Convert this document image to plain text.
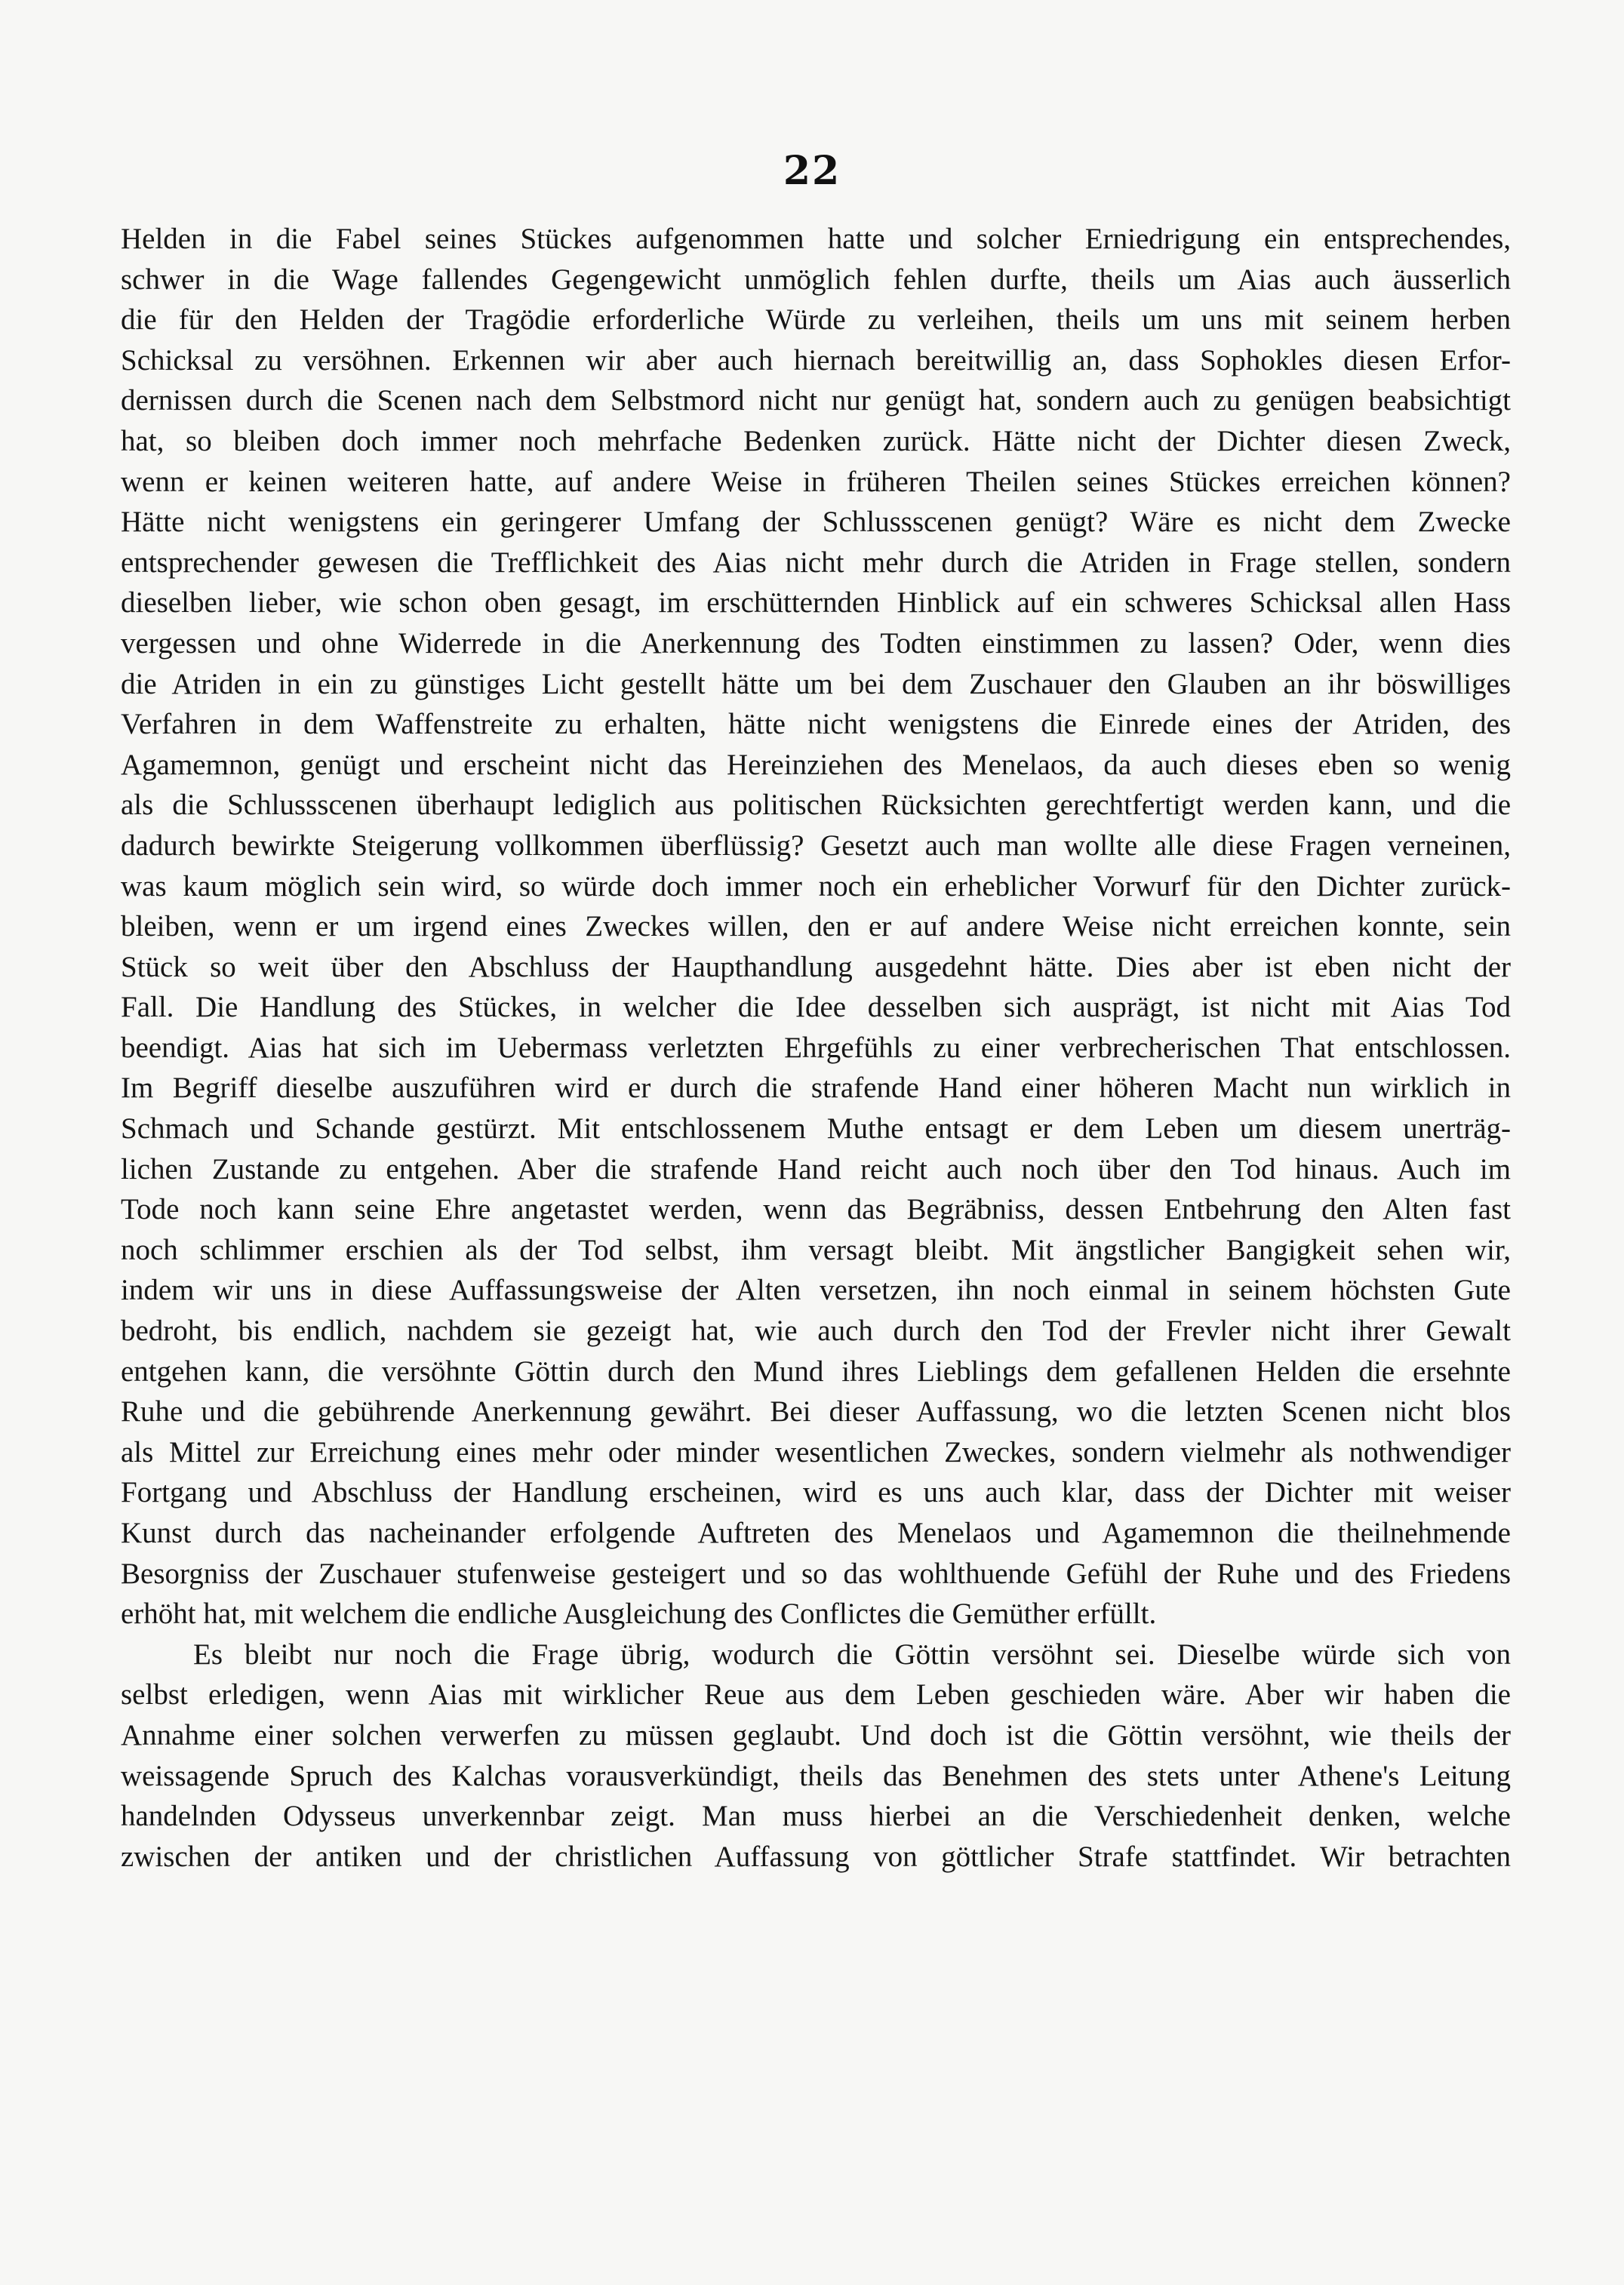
22
Helden in die Fabel seines Stückes aufgenommen hatte und solcher Erniedrigung ein entsprechendes,
schwer in die Wage fallendes Gegengewicht unmöglich fehlen durfte, theils um Aias auch äusserlich
die für den Helden der Tragödie erforderliche Würde zu verleihen, theils um uns mit seinem herben
Schicksal zu versöhnen. Erkennen wir aber auch hiernach bereitwillig an, dass Sophokles diesen Erfor-
dernissen durch die Scenen nach dem Selbstmord nicht nur genügt hat, sondern auch zu genügen beabsichtigt
hat, so bleiben doch immer noch mehrfache Bedenken zurück. Hätte nicht der Dichter diesen Zweck,
wenn er keinen weiteren hatte, auf andere Weise in früheren Theilen seines Stückes erreichen können?
Hätte nicht wenigstens ein geringerer Umfang der Schlussscenen genügt? Wäre es nicht dem Zwecke
entsprechender gewesen die Trefflichkeit des Aias nicht mehr durch die Atriden in Frage stellen, sondern
dieselben lieber, wie schon oben gesagt, im erschütternden Hinblick auf ein schweres Schicksal allen Hass
vergessen und ohne Widerrede in die Anerkennung des Todten einstimmen zu lassen? Oder, wenn dies
die Atriden in ein zu günstiges Licht gestellt hätte um bei dem Zuschauer den Glauben an ihr böswilliges
Verfahren in dem Waffenstreite zu erhalten, hätte nicht wenigstens die Einrede eines der Atriden, des
Agamemnon, genügt und erscheint nicht das Hereinziehen des Menelaos, da auch dieses eben so wenig
als die Schlussscenen überhaupt lediglich aus politischen Rücksichten gerechtfertigt werden kann, und die
dadurch bewirkte Steigerung vollkommen überflüssig? Gesetzt auch man wollte alle diese Fragen verneinen,
was kaum möglich sein wird, so würde doch immer noch ein erheblicher Vorwurf für den Dichter zurück-
bleiben, wenn er um irgend eines Zweckes willen, den er auf andere Weise nicht erreichen konnte, sein
Stück so weit über den Abschluss der Haupthandlung ausgedehnt hätte. Dies aber ist eben nicht der
Fall. Die Handlung des Stückes, in welcher die Idee desselben sich ausprägt, ist nicht mit Aias Tod
beendigt. Aias hat sich im Uebermass verletzten Ehrgefühls zu einer verbrecherischen That entschlossen.
Im Begriff dieselbe auszuführen wird er durch die strafende Hand einer höheren Macht nun wirklich in
Schmach und Schande gestürzt. Mit entschlossenem Muthe entsagt er dem Leben um diesem unerträg-
lichen Zustande zu entgehen. Aber die strafende Hand reicht auch noch über den Tod hinaus. Auch im
Tode noch kann seine Ehre angetastet werden, wenn das Begräbniss, dessen Entbehrung den Alten fast
noch schlimmer erschien als der Tod selbst, ihm versagt bleibt. Mit ängstlicher Bangigkeit sehen wir,
indem wir uns in diese Auffassungsweise der Alten versetzen, ihn noch einmal in seinem höchsten Gute
bedroht, bis endlich, nachdem sie gezeigt hat, wie auch durch den Tod der Frevler nicht ihrer Gewalt
entgehen kann, die versöhnte Göttin durch den Mund ihres Lieblings dem gefallenen Helden die ersehnte
Ruhe und die gebührende Anerkennung gewährt. Bei dieser Auffassung, wo die letzten Scenen nicht blos
als Mittel zur Erreichung eines mehr oder minder wesentlichen Zweckes, sondern vielmehr als nothwendiger
Fortgang und Abschluss der Handlung erscheinen, wird es uns auch klar, dass der Dichter mit weiser
Kunst durch das nacheinander erfolgende Auftreten des Menelaos und Agamemnon die theilnehmende
Besorgniss der Zuschauer stufenweise gesteigert und so das wohlthuende Gefühl der Ruhe und des Friedens
erhöht hat, mit welchem die endliche Ausgleichung des Conflictes die Gemüther erfüllt.
Es bleibt nur noch die Frage übrig, wodurch die Göttin versöhnt sei. Dieselbe würde sich von
selbst erledigen, wenn Aias mit wirklicher Reue aus dem Leben geschieden wäre. Aber wir haben die
Annahme einer solchen verwerfen zu müssen geglaubt. Und doch ist die Göttin versöhnt, wie theils der
weissagende Spruch des Kalchas vorausverkündigt, theils das Benehmen des stets unter Athene's Leitung
handelnden Odysseus unverkennbar zeigt. Man muss hierbei an die Verschiedenheit denken, welche
zwischen der antiken und der christlichen Auffassung von göttlicher Strafe stattfindet. Wir betrachten
